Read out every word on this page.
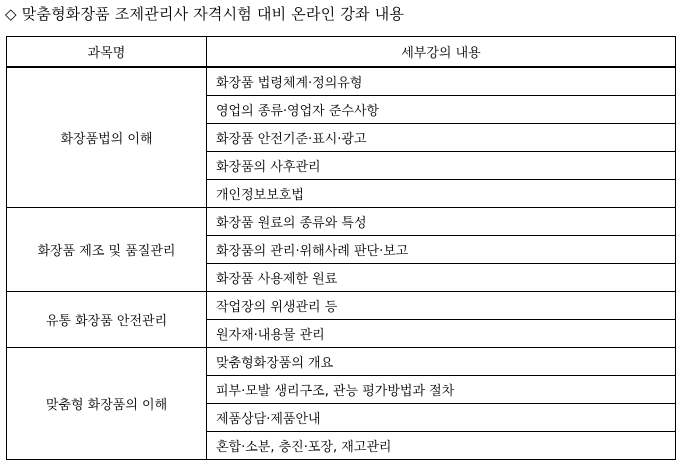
◇ 맞춤형화장품 조제관리사 자격시험 대비 온라인 강좌 내용
과목명	세부강의 내용
화장품법의 이해	화장품 법령체계·정의유형
	영업의 종류·영업자 준수사항
	화장품 안전기준·표시·광고
	화장품의 사후관리
	개인정보보호법
화장품 제조 및 품질관리	화장품 원료의 종류와 특성
	화장품의 관리·위해사례 판단·보고
	화장품 사용제한 원료
유통 화장품 안전관리	작업장의 위생관리 등
	원자재·내용물 관리
맞춤형 화장품의 이해	맞춤형화장품의 개요
	피부·모발 생리구조, 관능 평가방법과 절차
	제품상담·제품안내
	혼합·소분, 충진·포장, 재고관리
